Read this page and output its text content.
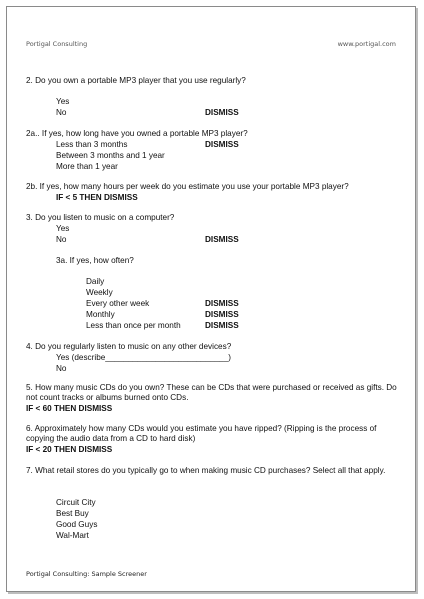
Portigal Consulting	www.portigal.com
2. Do you own a portable MP3 player that you use regularly?
Yes
No	DISMISS
2a.. If yes, how long have you owned a portable MP3 player?
Less than 3 months	DISMISS
Between 3 months and 1 year
More than 1 year
2b. If yes, how many hours per week do you estimate you use your portable MP3 player?
IF < 5 THEN DISMISS
3. Do you listen to music on a computer?
Yes
No	DISMISS
3a. If yes, how often?
Daily
Weekly
Every other week	DISMISS
Monthly	DISMISS
Less than once per month	DISMISS
4. Do you regularly listen to music on any other devices?
Yes (describe___________________________)
No
5. How many music CDs do you own? These can be CDs that were purchased or received as gifts. Do not count tracks or albums burned onto CDs.
IF < 60 THEN DISMISS
6. Approximately how many CDs would you estimate you have ripped? (Ripping is the process of copying the audio data from a CD to hard disk)
IF < 20 THEN DISMISS
7. What retail stores do you typically go to when making music CD purchases? Select all that apply.
Circuit City
Best Buy
Good Guys
Wal-Mart
Portigal Consulting: Sample Screener
